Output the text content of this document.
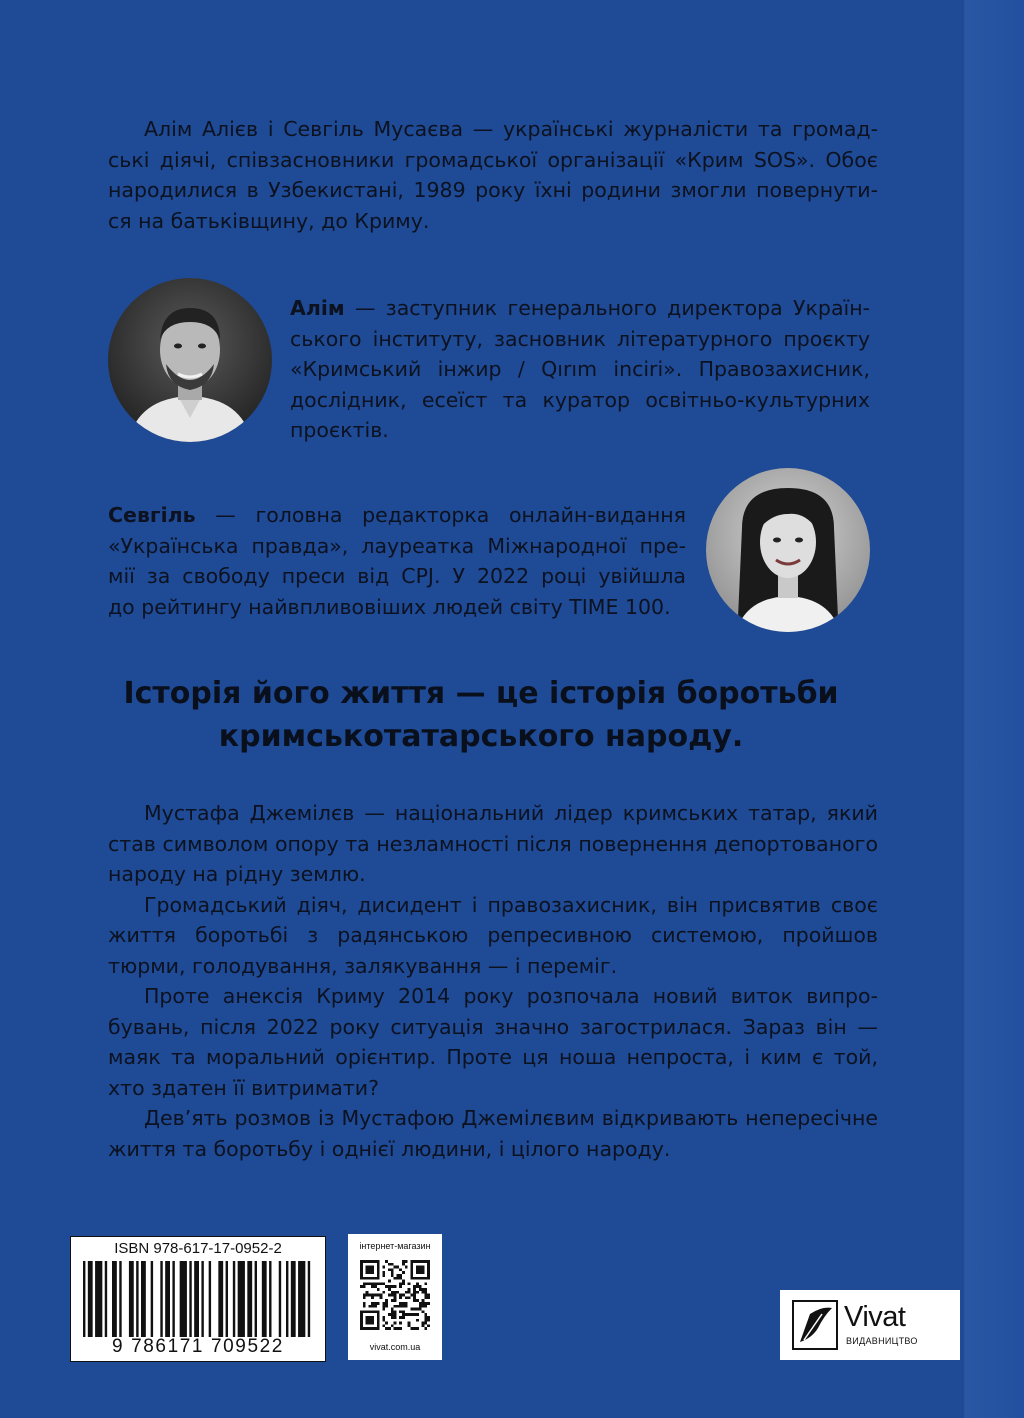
Алім Алієв і Севгіль Мусаєва — українські журналісти та громад-
ські діячі, співзасновники громадської організації «Крим SOS». Обоє
народилися в Узбекистані, 1989 року їхні родини змогли повернути-
ся на батьківщину, до Криму.
Алім — заступник генерального директора Україн-
ського інституту, засновник літературного проєкту
«Кримський інжир / Qırım inciri». Правозахисник,
дослідник, есеїст та куратор освітньо-культурних
проєктів.
Севгіль — головна редакторка онлайн-видання
«Українська правда», лауреатка Міжнародної пре-
мії за свободу преси від CPJ. У 2022 році увійшла
до рейтингу найвпливовіших людей світу TIME 100.
Історія його життя — це історія боротьби
кримськотатарського народу.

Мустафа Джемілєв — національний лідер кримських татар, який став символом опору та незламності після повернення депортованого народу на рідну землю.

Громадський діяч, дисидент і правозахисник, він присвятив своє життя боротьбі з радянською репресивною системою, пройшов тюрми, голодування, залякування — і переміг.

Проте анексія Криму 2014 року розпочала новий виток випробувань, після 2022 року ситуація значно загострилася. Зараз він — маяк та моральний орієнтир. Проте ця ноша непроста, і ким є той, хто здатен її витримати?

Дев’ять розмов із Мустафою Джемілєвим відкривають непересічне життя та боротьбу і однієї людини, і цілого народу.

ISBN 978-617-17-0952-2
9 786171 709522
інтернет-магазин
vivat.com.ua
Vivat
ВИДАВНИЦТВО
